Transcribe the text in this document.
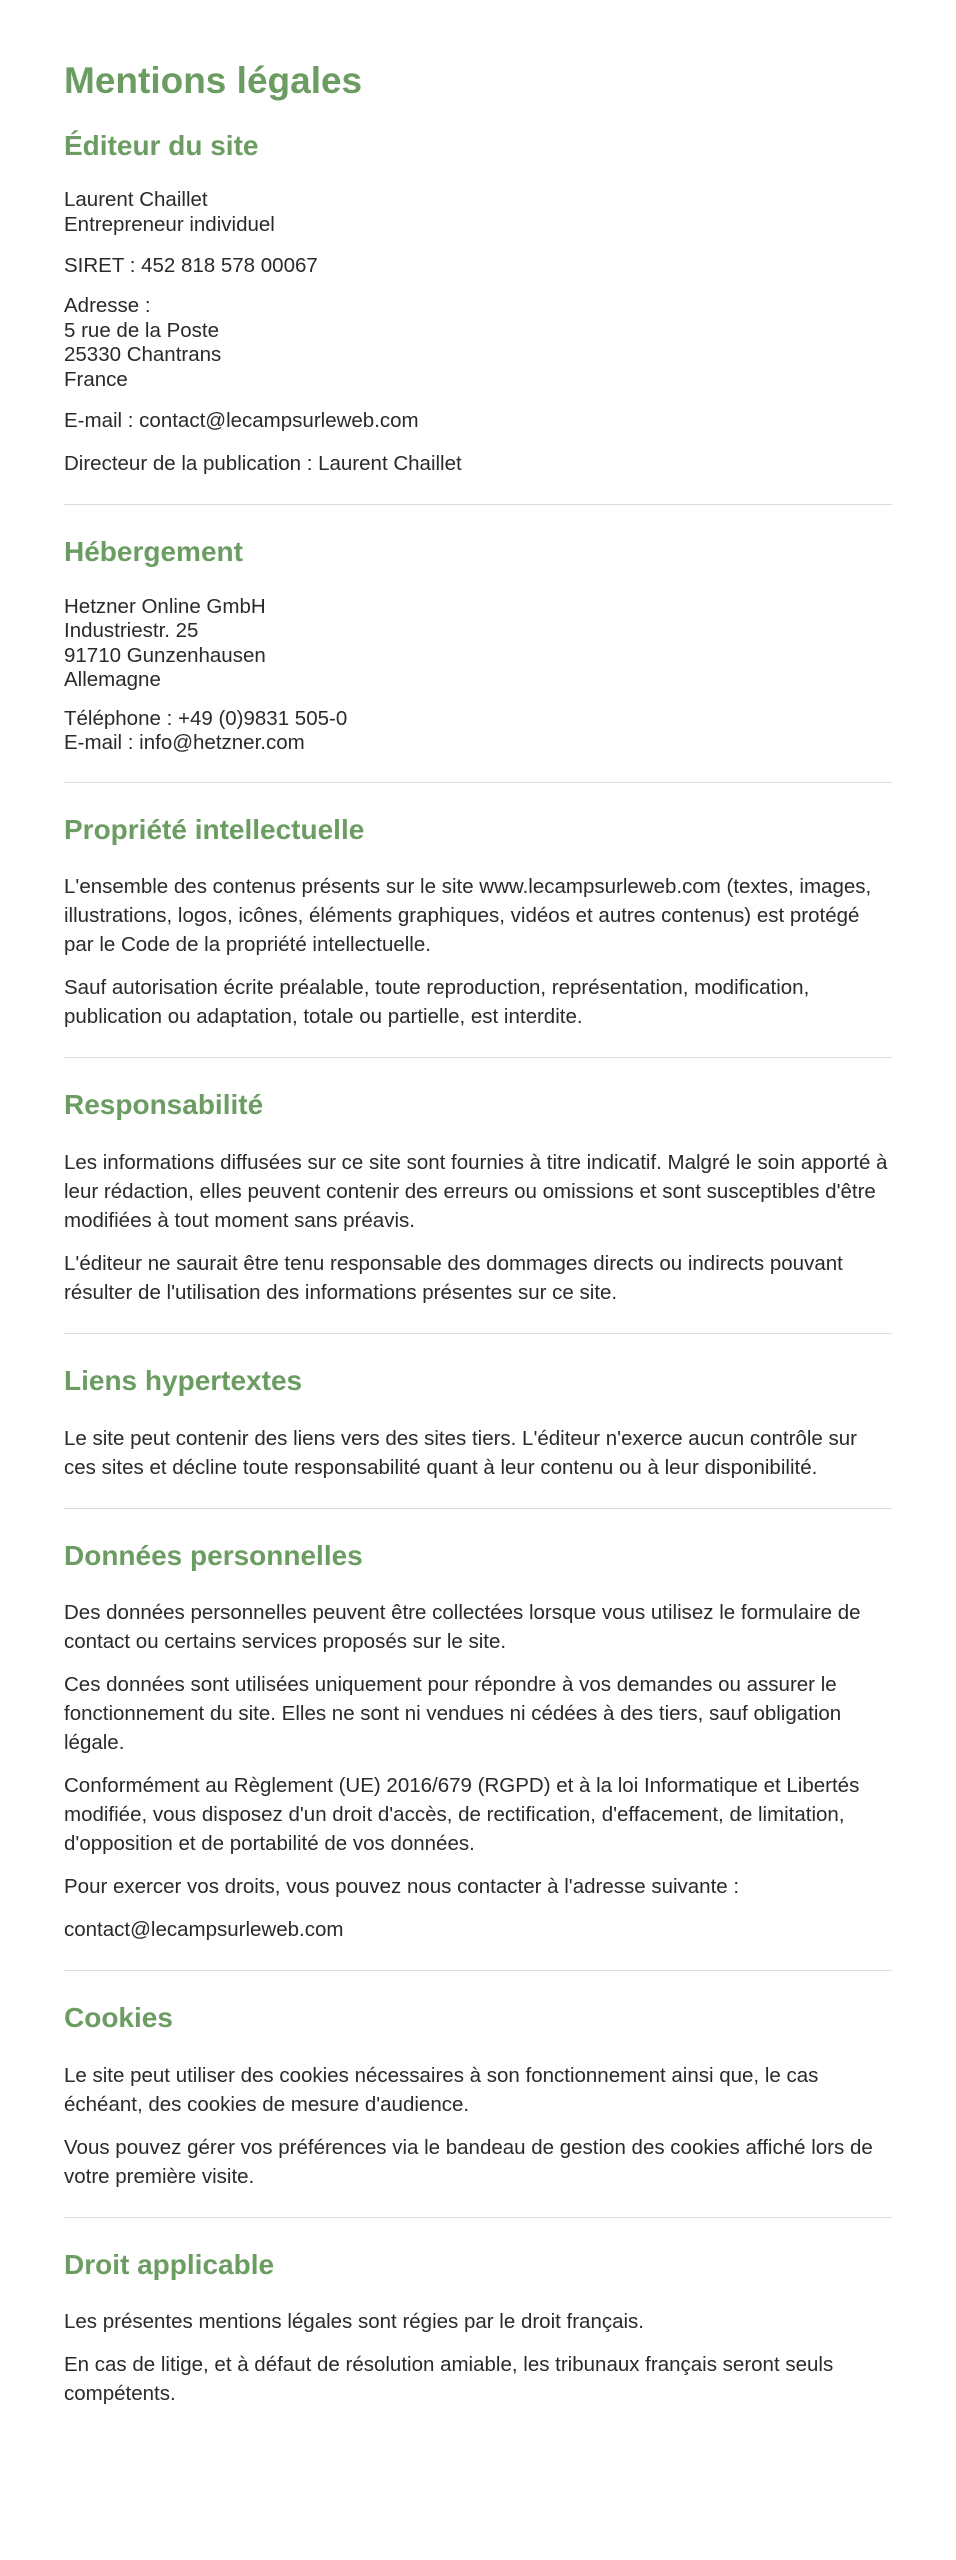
Mentions légales
Éditeur du site

Laurent Chaillet
Entrepreneur individuel

SIRET : 452 818 578 00067

Adresse :
5 rue de la Poste
25330 Chantrans
France

E-mail : contact@lecampsurleweb.com

Directeur de la publication : Laurent Chaillet

Hébergement

Hetzner Online GmbH
Industriestr. 25
91710 Gunzenhausen
Allemagne

Téléphone : +49 (0)9831 505-0
E-mail : info@hetzner.com

Propriété intellectuelle

L'ensemble des contenus présents sur le site www.lecampsurleweb.com (textes, images, illustrations, logos, icônes, éléments graphiques, vidéos et autres contenus) est protégé par le Code de la propriété intellectuelle.

Sauf autorisation écrite préalable, toute reproduction, représentation, modification, publication ou adaptation, totale ou partielle, est interdite.

Responsabilité

Les informations diffusées sur ce site sont fournies à titre indicatif. Malgré le soin apporté à leur rédaction, elles peuvent contenir des erreurs ou omissions et sont susceptibles d'être modifiées à tout moment sans préavis.

L'éditeur ne saurait être tenu responsable des dommages directs ou indirects pouvant résulter de l'utilisation des informations présentes sur ce site.

Liens hypertextes

Le site peut contenir des liens vers des sites tiers. L'éditeur n'exerce aucun contrôle sur ces sites et décline toute responsabilité quant à leur contenu ou à leur disponibilité.

Données personnelles

Des données personnelles peuvent être collectées lorsque vous utilisez le formulaire de contact ou certains services proposés sur le site.

Ces données sont utilisées uniquement pour répondre à vos demandes ou assurer le fonctionnement du site. Elles ne sont ni vendues ni cédées à des tiers, sauf obligation légale.

Conformément au Règlement (UE) 2016/679 (RGPD) et à la loi Informatique et Libertés modifiée, vous disposez d'un droit d'accès, de rectification, d'effacement, de limitation, d'opposition et de portabilité de vos données.

Pour exercer vos droits, vous pouvez nous contacter à l'adresse suivante :

contact@lecampsurleweb.com

Cookies

Le site peut utiliser des cookies nécessaires à son fonctionnement ainsi que, le cas échéant, des cookies de mesure d'audience.

Vous pouvez gérer vos préférences via le bandeau de gestion des cookies affiché lors de votre première visite.

Droit applicable

Les présentes mentions légales sont régies par le droit français.

En cas de litige, et à défaut de résolution amiable, les tribunaux français seront seuls compétents.
